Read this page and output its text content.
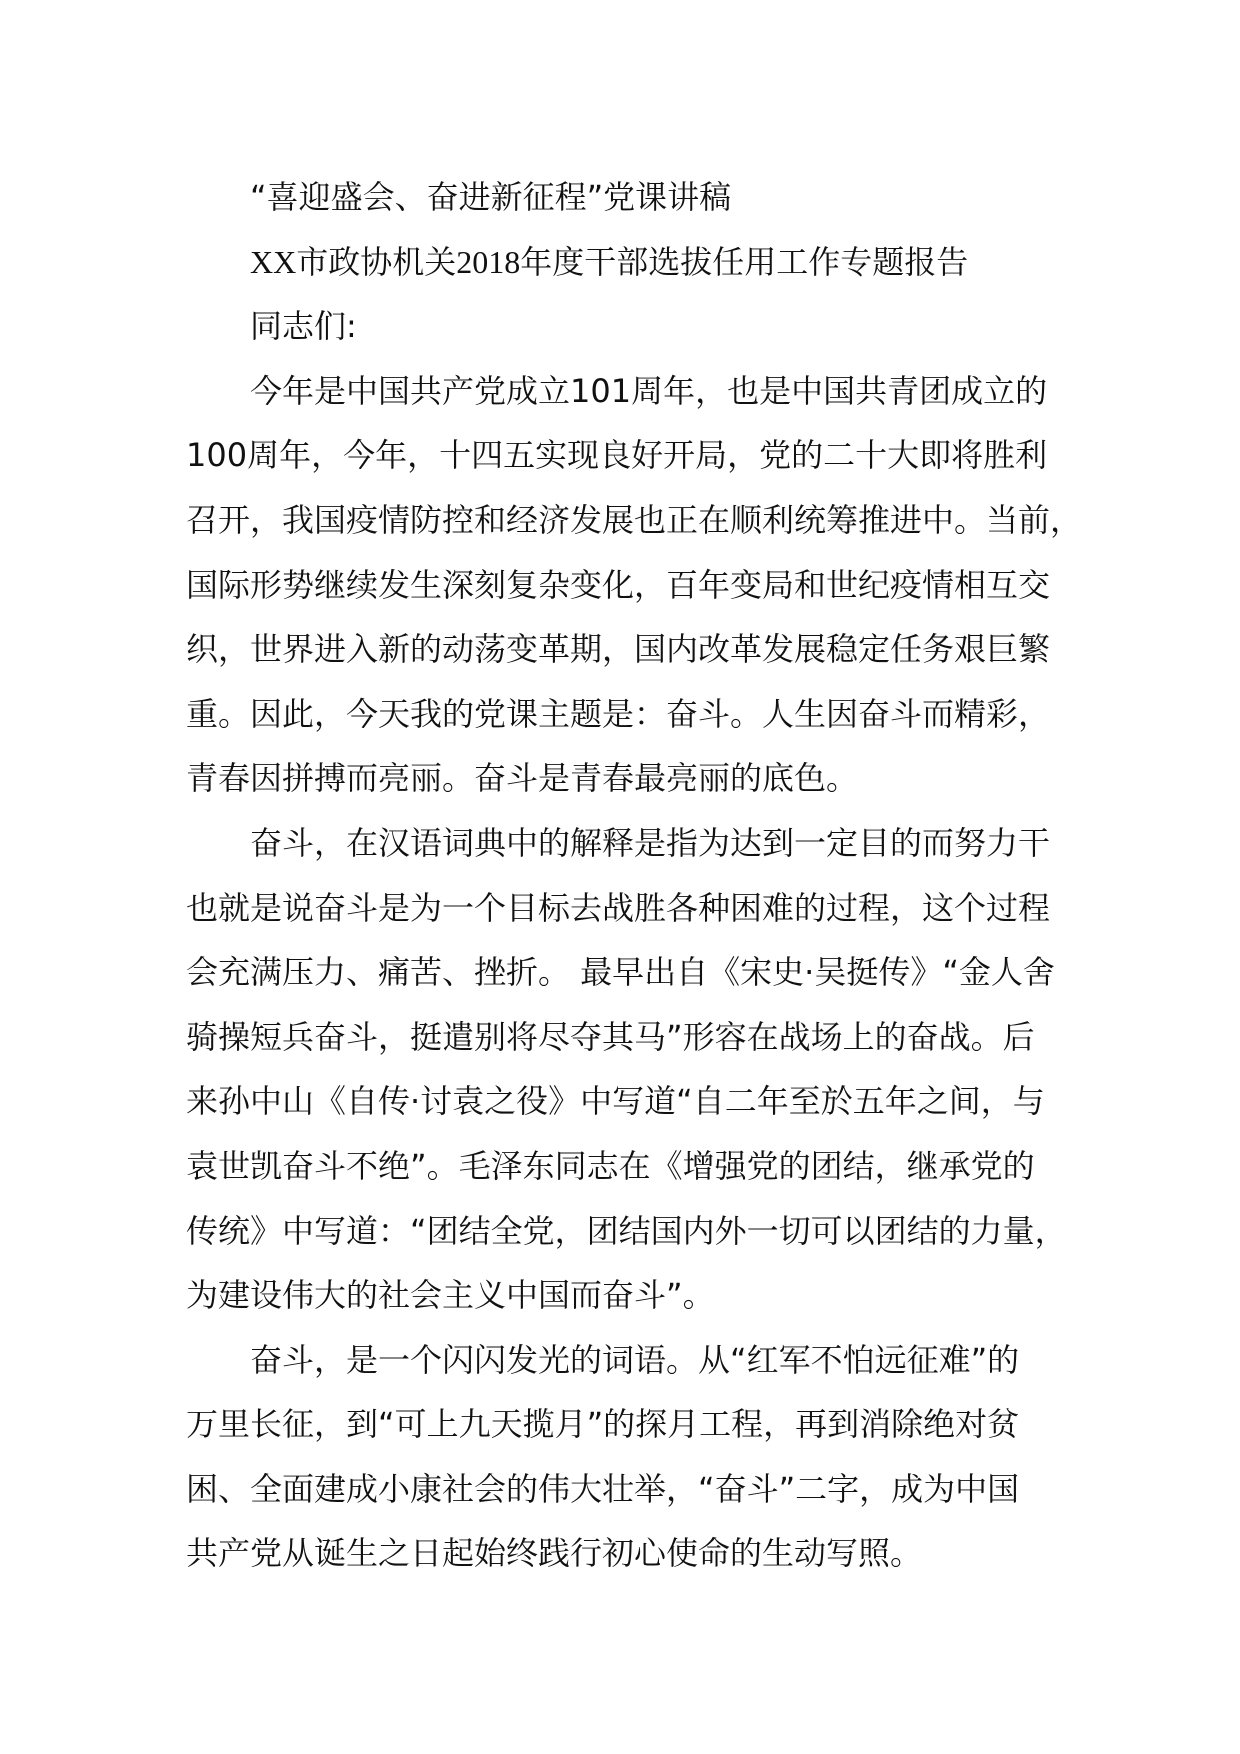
“喜迎盛会、奋进新征程”党课讲稿

XX市政协机关2018年度干部选拔任用工作专题报告

同志们:

今年是中国共产党成立101周年，也是中国共青团成立的

100周年，今年，十四五实现良好开局，党的二十大即将胜利

召开，我国疫情防控和经济发展也正在顺利统筹推进中。当前，

国际形势继续发生深刻复杂变化，百年变局和世纪疫情相互交

织，世界进入新的动荡变革期，国内改革发展稳定任务艰巨繁

重。因此，今天我的党课主题是：奋斗。人生因奋斗而精彩，

青春因拼搏而亮丽。奋斗是青春最亮丽的底色。

奋斗，在汉语词典中的解释是指为达到一定目的而努力干

也就是说奋斗是为一个目标去战胜各种困难的过程，这个过程

会充满压力、痛苦、挫折。 最早出自《宋史·吴挺传》“金人舍

骑操短兵奋斗，挺遣别将尽夺其马”形容在战场上的奋战。后

来孙中山《自传·讨袁之役》中写道“自二年至於五年之间，与

袁世凯奋斗不绝”。毛泽东同志在《增强党的团结，继承党的

传统》中写道：“团结全党，团结国内外一切可以团结的力量，

为建设伟大的社会主义中国而奋斗”。

奋斗，是一个闪闪发光的词语。从“红军不怕远征难”的

万里长征，到“可上九天揽月”的探月工程，再到消除绝对贫

困、全面建成小康社会的伟大壮举，“奋斗”二字，成为中国

共产党从诞生之日起始终践行初心使命的生动写照。
